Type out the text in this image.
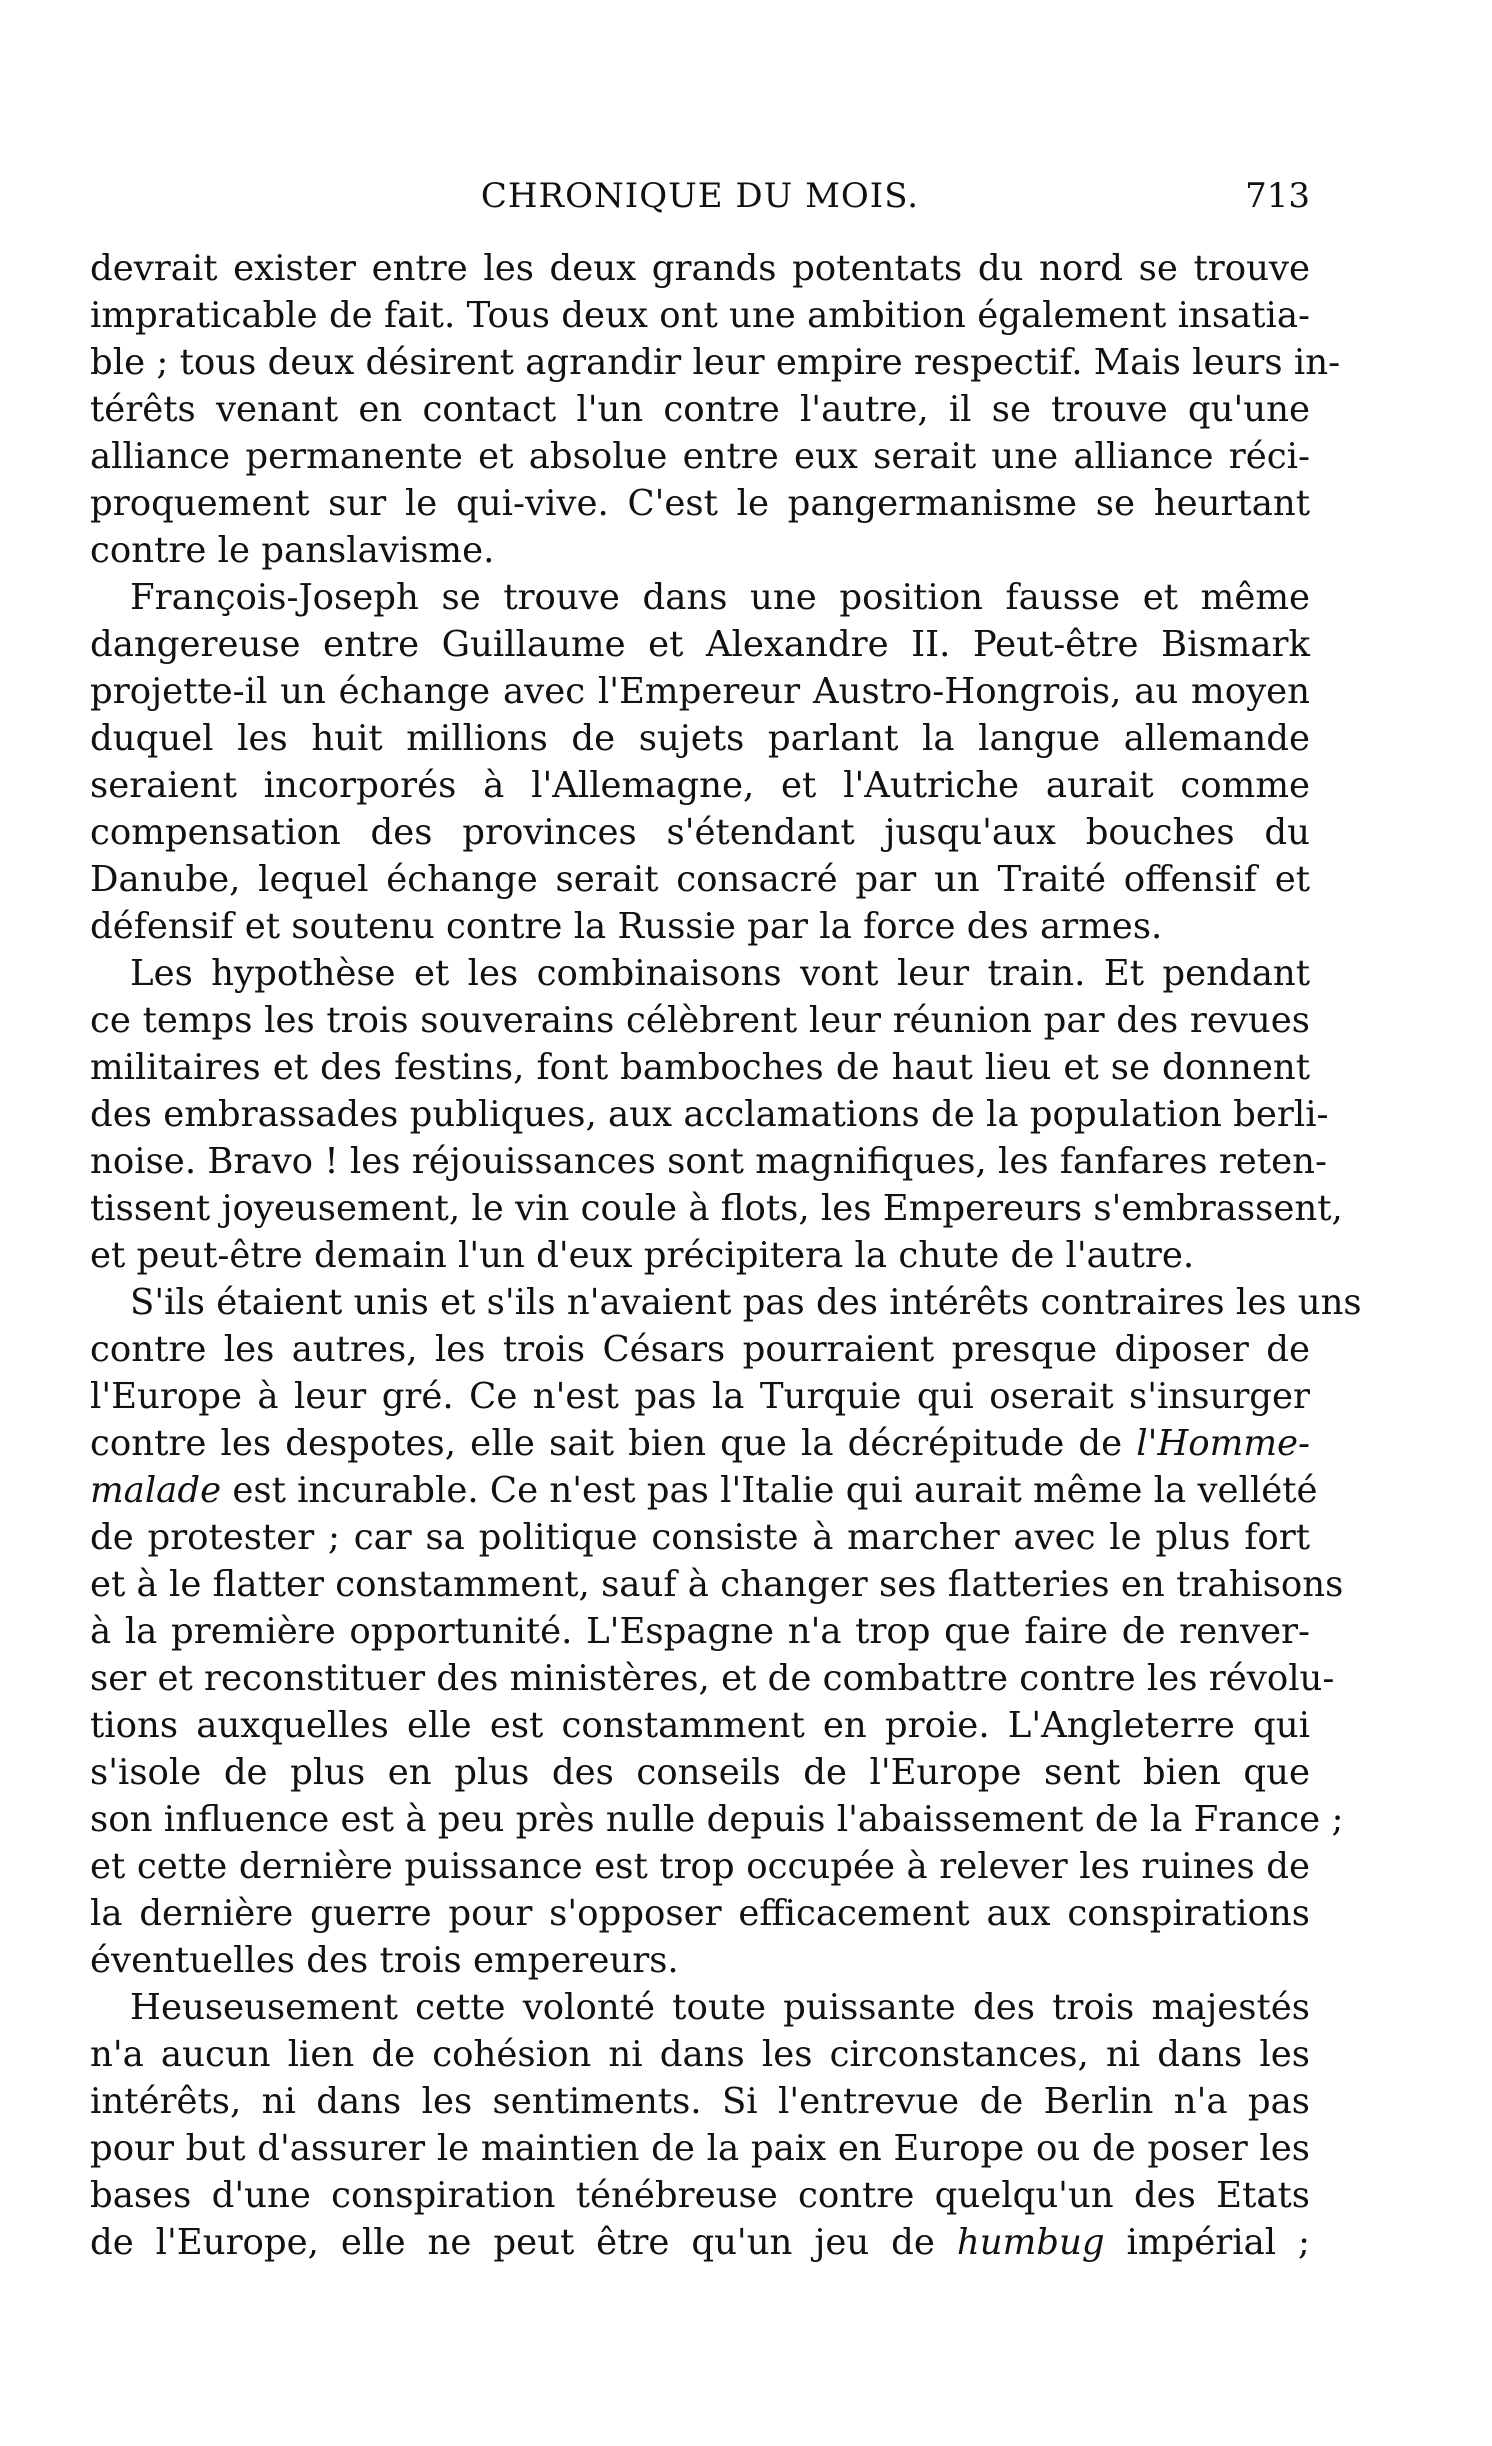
CHRONIQUE DU MOIS.	713

devrait exister entre les deux grands potentats du nord se trouve
impraticable de fait. Tous deux ont une ambition également insatia-
ble ; tous deux désirent agrandir leur empire respectif. Mais leurs in-
térêts venant en contact l'un contre l'autre, il se trouve qu'une
alliance permanente et absolue entre eux serait une alliance réci-
proquement sur le qui-vive. C'est le pangermanisme se heurtant
contre le panslavisme.

François-Joseph se trouve dans une position fausse et même
dangereuse entre Guillaume et Alexandre II. Peut-être Bismark
projette-il un échange avec l'Empereur Austro-Hongrois, au moyen
duquel les huit millions de sujets parlant la langue allemande
seraient incorporés à l'Allemagne, et l'Autriche aurait comme
compensation des provinces s'étendant jusqu'aux bouches du
Danube, lequel échange serait consacré par un Traité offensif et
défensif et soutenu contre la Russie par la force des armes.

Les hypothèse et les combinaisons vont leur train. Et pendant
ce temps les trois souverains célèbrent leur réunion par des revues
militaires et des festins, font bamboches de haut lieu et se donnent
des embrassades publiques, aux acclamations de la population berli-
noise. Bravo ! les réjouissances sont magnifiques, les fanfares reten-
tissent joyeusement, le vin coule à flots, les Empereurs s'embrassent,
et peut-être demain l'un d'eux précipitera la chute de l'autre.

S'ils étaient unis et s'ils n'avaient pas des intérêts contraires les uns
contre les autres, les trois Césars pourraient presque diposer de
l'Europe à leur gré. Ce n'est pas la Turquie qui oserait s'insurger
contre les despotes, elle sait bien que la décrépitude de l'Homme-
malade est incurable. Ce n'est pas l'Italie qui aurait même la vellété
de protester ; car sa politique consiste à marcher avec le plus fort
et à le flatter constamment, sauf à changer ses flatteries en trahisons
à la première opportunité. L'Espagne n'a trop que faire de renver-
ser et reconstituer des ministères, et de combattre contre les révolu-
tions auxquelles elle est constamment en proie. L'Angleterre qui
s'isole de plus en plus des conseils de l'Europe sent bien que
son influence est à peu près nulle depuis l'abaissement de la France ;
et cette dernière puissance est trop occupée à relever les ruines de
la dernière guerre pour s'opposer efficacement aux conspirations
éventuelles des trois empereurs.

Heuseusement cette volonté toute puissante des trois majestés
n'a aucun lien de cohésion ni dans les circonstances, ni dans les
intérêts, ni dans les sentiments. Si l'entrevue de Berlin n'a pas
pour but d'assurer le maintien de la paix en Europe ou de poser les
bases d'une conspiration ténébreuse contre quelqu'un des Etats
de l'Europe, elle ne peut être qu'un jeu de humbug impérial ;
